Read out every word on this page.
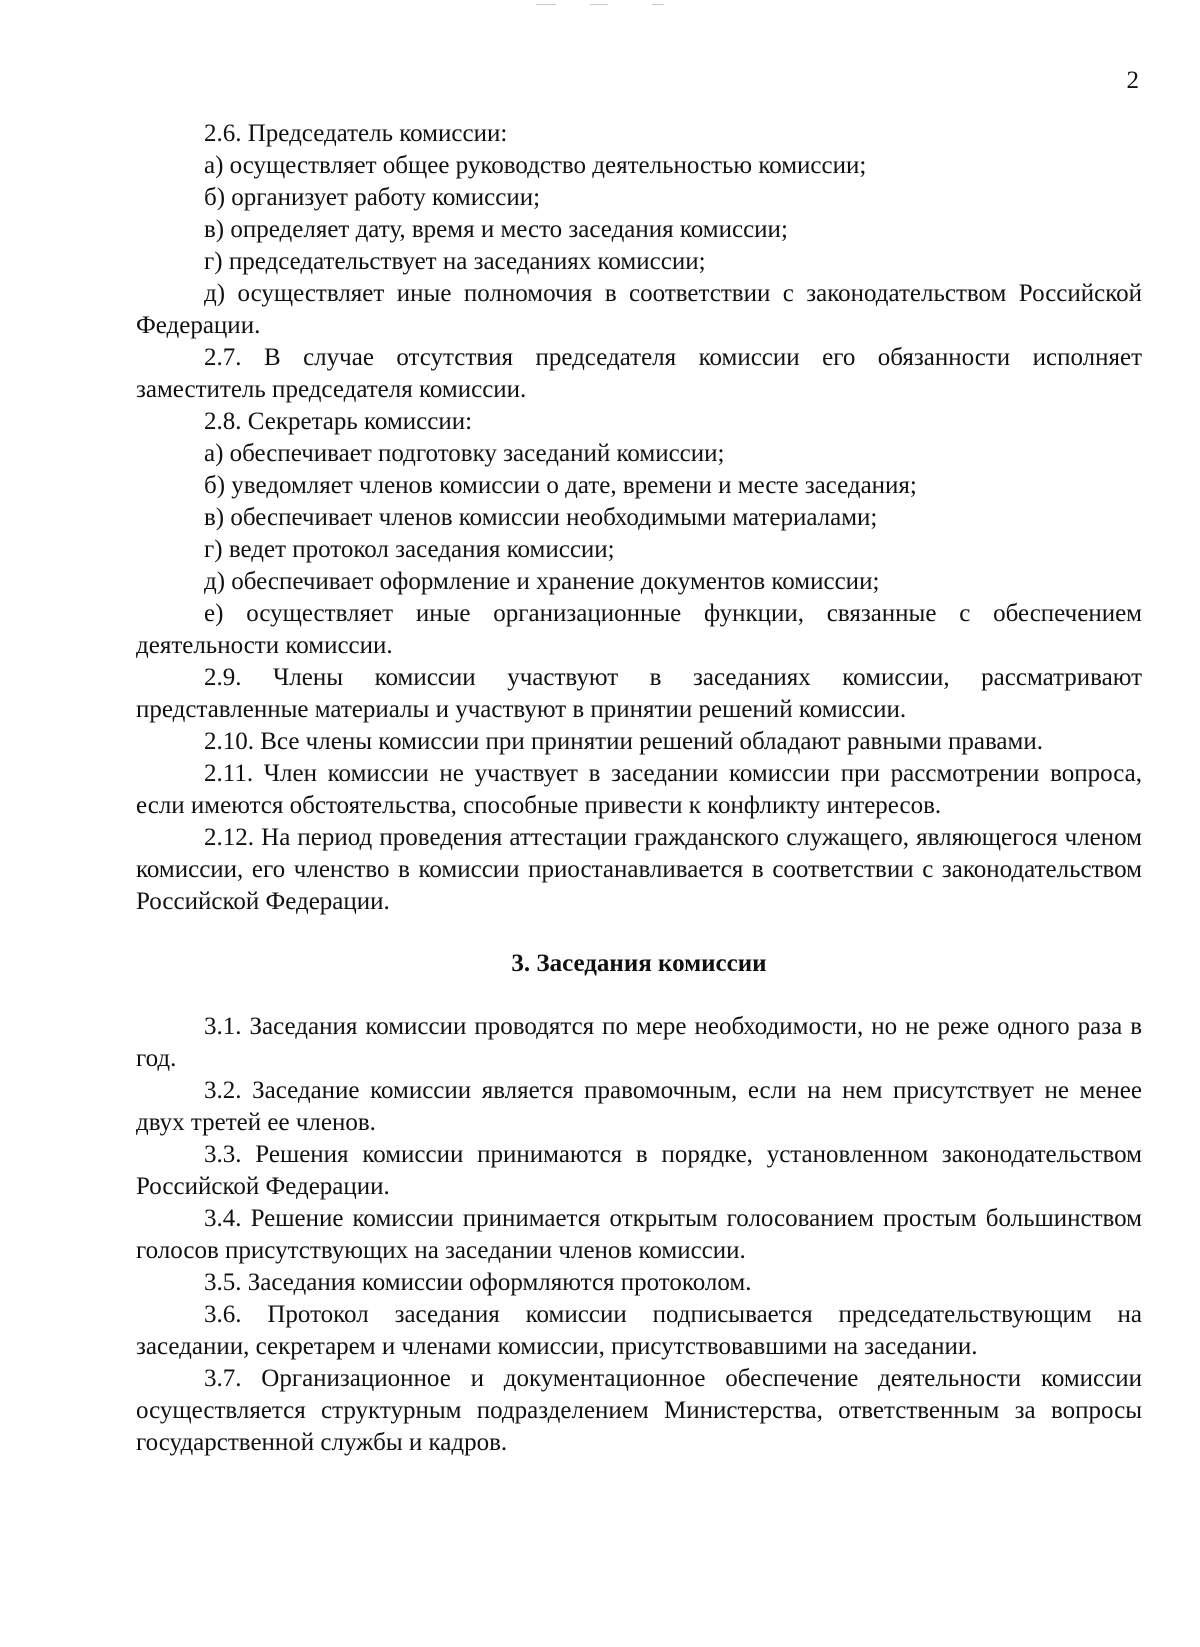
2

2.6. Председатель комиссии:

а) осуществляет общее руководство деятельностью комиссии;

б) организует работу комиссии;

в) определяет дату, время и место заседания комиссии;

г) председательствует на заседаниях комиссии;

д) осуществляет иные полномочия в соответствии с законодательством Российской Федерации.

2.7. В случае отсутствия председателя комиссии его обязанности исполняет заместитель председателя комиссии.

2.8. Секретарь комиссии:

а) обеспечивает подготовку заседаний комиссии;

б) уведомляет членов комиссии о дате, времени и месте заседания;

в) обеспечивает членов комиссии необходимыми материалами;

г) ведет протокол заседания комиссии;

д) обеспечивает оформление и хранение документов комиссии;

е) осуществляет иные организационные функции, связанные с обеспечением деятельности комиссии.

2.9. Члены комиссии участвуют в заседаниях комиссии, рассматривают представленные материалы и участвуют в принятии решений комиссии.

2.10. Все члены комиссии при принятии решений обладают равными правами.

2.11. Член комиссии не участвует в заседании комиссии при рассмотрении вопроса, если имеются обстоятельства, способные привести к конфликту интересов.

2.12. На период проведения аттестации гражданского служащего, являющегося членом комиссии, его членство в комиссии приостанавливается в соответствии с законодательством Российской Федерации.

3. Заседания комиссии

3.1. Заседания комиссии проводятся по мере необходимости, но не реже одного раза в год.

3.2. Заседание комиссии является правомочным, если на нем присутствует не менее двух третей ее членов.

3.3. Решения комиссии принимаются в порядке, установленном законодательством Российской Федерации.

3.4. Решение комиссии принимается открытым голосованием простым большинством голосов присутствующих на заседании членов комиссии.

3.5. Заседания комиссии оформляются протоколом.

3.6. Протокол заседания комиссии подписывается председательствующим на заседании, секретарем и членами комиссии, присутствовавшими на заседании.

3.7. Организационное и документационное обеспечение деятельности комиссии осуществляется структурным подразделением Министерства, ответственным за вопросы государственной службы и кадров.
